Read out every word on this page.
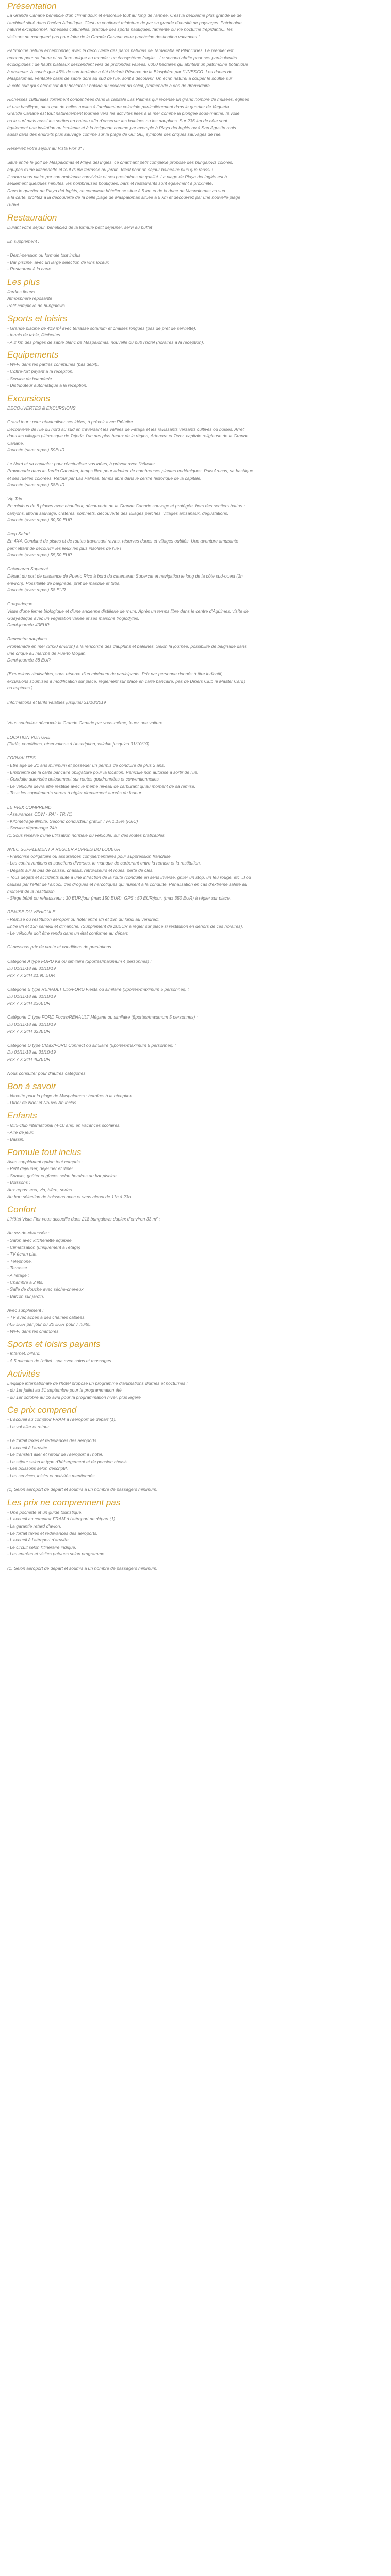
Présentation

La Grande Canarie bénéficie d'un climat doux et ensoleillé tout au long de l'année. C'est la deuxième plus grande île de

l'archipel situé dans l'océan Atlantique. C'est un continent miniature de par sa grande diversité de paysages. Patrimoine

naturel exceptionnel, richesses culturelles, pratique des sports nautiques, farniente ou vie nocturne trépidante... les

visiteurs ne manquent pas pour faire de la Grande Canarie votre prochaine destination vacances !

Patrimoine naturel exceptionnel, avec la découverte des parcs naturels de Tamadaba et Pilancones. Le premier est

reconnu pour sa faune et sa flore unique au monde : un écosystème fragile... Le second abrite pour ses particularités

écologiques : de hauts plateaux descendent vers de profondes vallées. 6000 hectares qui abritent un patrimoine botanique

à observer. A savoir que 46% de son territoire a été déclaré Réserve de la Biosphère par l'UNESCO. Les dunes de

Maspalomas, véritable oasis de sable doré au sud de l'île, sont à découvrir. Un écrin naturel à couper le souffle sur

la côte sud qui s'étend sur 400 hectares : balade au coucher du soleil, promenade à dos de dromadaire...

Richesses culturelles fortement concentrées dans la capitale Las Palmas qui recense un grand nombre de musées, églises

et une basilique, ainsi que de belles ruelles à l'architecture coloniale particulièrement dans le quartier de Vegueta.

Grande Canarie est tout naturellement tournée vers les activités liées à la mer comme la plongée sous-marine, la voile

ou le surf mais aussi les sorties en bateau afin d'observer les baleines ou les dauphins. Sur 236 km de côte sont

également une invitation au farniente et à la baignade comme par exemple à Playa del Inglés ou à San Agustín mais

aussi dans des endroits plus sauvage comme sur la plage de Güi Güi, symbole des criques sauvages de l'île.

Réservez votre séjour au Vista Flor 3* !

Situé entre le golf de Maspalomas et Playa del Inglés, ce charmant petit complexe propose des bungalows colorés,

équipés d'une kitchenette et tout d'une terrasse ou jardin. Idéal pour un séjour balnéaire plus que réussi !

Il saura vous plaire par son ambiance conviviale et ses prestations de qualité. La plage de Playa del Inglés est à

seulement quelques minutes, les nombreuses boutiques, bars et restaurants sont également à proximité.

Dans le quartier de Playa del Inglés, ce complexe hôtelier se situe à 5 km et de la dune de Maspalomas au sud

à la carte, profitez à la découverte de la belle plage de Maspalomas située à 5 km et découvrez par une nouvelle plage

l'hôtel.

Restauration

Durant votre séjour, bénéficiez de la formule petit déjeuner, servi au buffet

En supplément :

- Demi-pension ou formule tout inclus

- Bar piscine, avec un large sélection de vins locaux

- Restaurant à la carte

Les plus

Jardins fleuris

Atmosphère reposante

Petit complexe de bungalows

Sports et loisirs

- Grande piscine de 419 m² avec terrasse solarium et chaises longues (pas de prêt de serviette).

- tennis de table, fléchettes.

- A 2 km des plages de sable blanc de Maspalomas, nouvelle du pub l'hôtel (horaires à la réception).

Equipements

- Wi-Fi dans les parties communes (bas débit).

- Coffre-fort payant à la réception.

- Service de buanderie.

- Distributeur automatique à la réception.

Excursions

DECOUVERTES & EXCURSIONS

Grand tour : pour réactualiser ses idées, à prévoir avec l'hôtelier.

Découverte de l'île du nord au sud en traversant les vallées de Fataga et les ravissants versants cultivés ou boisés. Arrêt

dans les villages pittoresque de Tejeda, l'un des plus beaux de la région, Artenara et Teror, capitale religieuse de la Grande

Canarie.

Journée (sans repas) 59EUR

Le Nord et sa capitale : pour réactualiser vos idées, à prévoir avec l'hôtelier.

Promenade dans le Jardin Canarien, temps libre pour admirer de nombreuses plantes endémiques. Puis Arucas, sa basilique

et ses ruelles colorées. Retour par Las Palmas, temps libre dans le centre historique de la capitale.

Journée (sans repas) 58EUR

Vip Trip

En minibus de 8 places avec chauffeur, découverte de la Grande Canarie sauvage et protégée, hors des sentiers battus :

canyons, littoral sauvage, cratères, sommets, découverte des villages perchés, villages artisanaux, dégustations.

Journée (avec repas) 60,50 EUR

Jeep Safari

En 4X4. Combiné de pistes et de routes traversant ravins, réserves dunes et villages oubliés. Une aventure amusante

permettant de découvrir les lieux les plus insolites de l'île !

Journée (avec repas) 55,50 EUR

Catamaran Supercat

Départ du port de plaisance de Puerto Rico à bord du catamaran Supercat et navigation le long de la côte sud-ouest (2h

environ). Possibilité de baignade, prêt de masque et tuba.

Journée (avec repas) 58 EUR

Guayadeque

Visite d'une ferme biologique et d'une ancienne distillerie de rhum. Après un temps libre dans le centre d'Agüimes, visite de

Guayadeque avec un végétation variée et ses maisons troglodytes.

Demi-journée 40EUR

Rencontre dauphins

Promenade en mer (2h30 environ) à la rencontre des dauphins et baleines. Selon la journée, possibilité de baignade dans

une crique au marché de Puerto Mogan.

Demi-journée 38 EUR

(Excursions réalisables, sous réserve d'un minimum de participants. Prix par personne donnés à titre indicatif,

excursions soumises à modification sur place, règlement sur place en carte bancaire, pas de Diners Club ni Master Card)

ou espèces.)

Informations et tarifs valables jusqu'au 31/10/2019

Vous souhaitez découvrir la Grande Canarie par vous-même, louez une voiture.

LOCATION VOITURE

(Tarifs, conditions, réservations à l'inscription, valable jusqu'au 31/10/19).

FORMALITES

- Etre âgé de 21 ans minimum et posséder un permis de conduire de plus 2 ans.

- Empreinte de la carte bancaire obligatoire pour la location. Véhicule non autorisé à sortir de l'île.

- Conduite autorisée uniquement sur routes goudronnées et conventionnelles.

- Le véhicule devra être restitué avec le même niveau de carburant qu'au moment de sa remise.

- Tous les suppléments seront à régler directement auprès du loueur.

LE PRIX COMPREND

- Assurances CDW - PAI - TP, (1)

- Kilométrage illimité. Second conducteur gratuit TVA 1,15% (IGIC)

- Service dépannage 24h.

(1)Sous réserve d'une utilisation normale du véhicule, sur des routes praticables

AVEC SUPPLEMENT A REGLER AUPRES DU LOUEUR

- Franchise obligatoire ou assurances complémentaires pour suppression franchise.

- Les contraventions et sanctions diverses, le manque de carburant entre la remise et la restitution.

- Dégâts sur le bas de caisse, châssis, rétroviseurs et roues, perte de clés.

- Tous dégâts et accidents suite à une infraction de la route (conduite en sens inverse, griller un stop, un feu rouge, etc...) ou

causés par l'effet de l'alcool, des drogues et narcotiques qui nuisent à la conduite. Pénalisation en cas d'extrême saleté au

moment de la restitution.

- Siège bébé ou rehausseur : 30 EUR/jour (max 150 EUR), GPS : 50 EUR/jour, (max 350 EUR) à régler sur place.

REMISE DU VEHICULE

- Remise ou restitution aéroport ou hôtel entre 8h et 19h du lundi au vendredi.

Entre 8h et 13h samedi et dimanche. (Supplément de 20EUR à régler sur place si restitution en dehors de ces horaires).

- Le véhicule doit être rendu dans un état conforme au départ.

Ci-dessous prix de vente et conditions de prestations :

Catégorie A type FORD Ka ou similaire (3portes/maximum 4 personnes) :

Du 01/11/18 au 31/10/19

Prix 7 X 24H 21,90 EUR

Catégorie B type RENAULT Clio/FORD Fiesta ou similaire (3portes/maximum 5 personnes) :

Du 01/11/18 au 31/10/19

Prix 7 X 24H 236EUR

Catégorie C type FORD Focus/RENAULT Mégane ou similaire (5portes/maximum 5 personnes) :

Du 01/11/18 au 31/10/19

Prix 7 X 24H 323EUR

Catégorie D type CMax/FORD Connect ou similaire (5portes/maximum 5 personnes) :

Du 01/11/18 au 31/10/19

Prix 7 X 24H 462EUR

Nous consulter pour d'autres catégories

Bon à savoir

- Navette pour la plage de Maspalomas : horaires à la réception.

- Dîner de Noël et Nouvel An inclus.

Enfants

- Mini-club international (4-10 ans) en vacances scolaires.

- Aire de jeux.

- Bassin.

Formule tout inclus

Avec supplément option tout compris :

- Petit déjeuner, déjeuner et dîner.

- Snacks, goûter et glaces selon horaires au bar piscine.

- Boissons :

Aux repas: eau, vin, bière, sodas.

Au bar: sélection de boissons avec et sans alcool de 11h à 23h.

Confort

L'Hôtel Vista Flor vous accueille dans 218 bungalows duplex d'environ 33 m² :

Au rez-de-chaussée :

- Salon avec kitchenette équipée.

- Climatisation (uniquement à l'étage)

- TV écran plat.

- Téléphone.

- Terrasse.

- A l'étage :

- Chambre à 2 lits.

- Salle de douche avec sèche-cheveux.

- Balcon sur jardin.

Avec supplément :

- TV avec accès à des chaînes câblées.

(4,5 EUR par jour ou 20 EUR pour 7 nuits).

- Wi-Fi dans les chambres.

Sports et loisirs payants

- Internet, billard.

- A 5 minutes de l'hôtel : spa avec soins et massages.

Activités

L'équipe internationale de l'hôtel propose un programme d'animations diurnes et nocturnes :

- du 1er juillet au 31 septembre pour la programmation été

- du 1er octobre au 16 avril pour la programmation hiver, plus légère

Ce prix comprend

- L'accueil au comptoir FRAM à l'aéroport de départ (1).

- Le vol aller et retour.

- Le forfait taxes et redevances des aéroports.

- L'accueil à l'arrivée.

- Le transfert aller et retour de l'aéroport à l'hôtel.

- Le séjour selon le type d'hébergement et de pension choisis.

- Les boissons selon descriptif.

- Les services, loisirs et activités mentionnés.

(1) Selon aéroport de départ et soumis à un nombre de passagers minimum.

Les prix ne comprennent pas

- Une pochette et un guide touristique.

- L'accueil au comptoir FRAM à l'aéroport de départ (1).

- La garantie retard d'avion.

- Le forfait taxes et redevances des aéroports.

- L'accueil à l'aéroport d'arrivée.

- Le circuit selon l'itinéraire indiqué.

- Les entrées et visites prévues selon programme.

(1) Selon aéroport de départ et soumis à un nombre de passagers minimum.
